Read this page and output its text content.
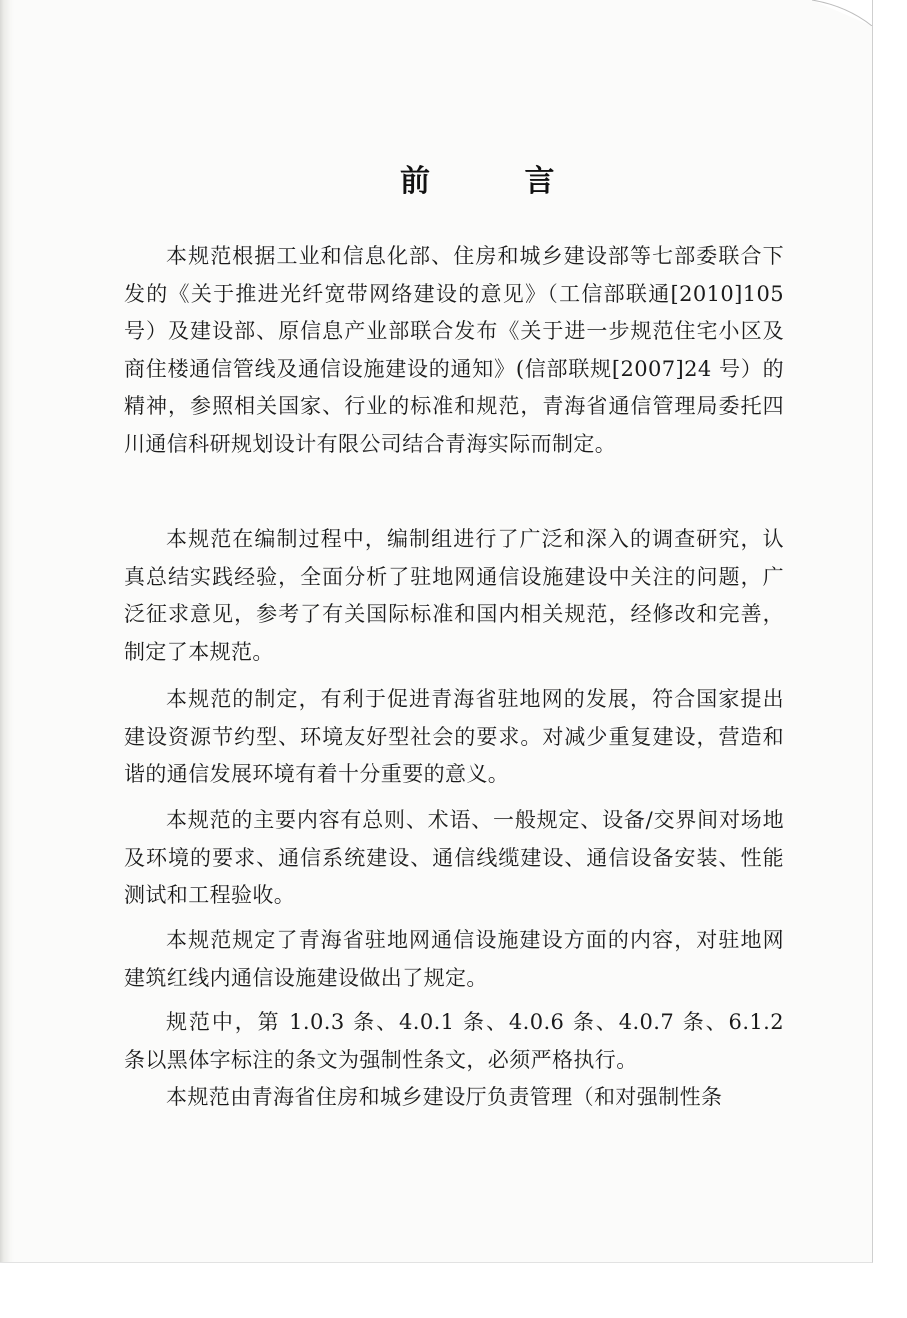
前 言

本规范根据工业和信息化部、住房和城乡建设部等七部委联合下发的《关于推进光纤宽带网络建设的意见》（工信部联通[2010]105 号）及建设部、原信息产业部联合发布《关于进一步规范住宅小区及商住楼通信管线及通信设施建设的通知》(信部联规[2007]24 号）的精神，参照相关国家、行业的标准和规范，青海省通信管理局委托四川通信科研规划设计有限公司结合青海实际而制定。

本规范在编制过程中，编制组进行了广泛和深入的调查研究，认真总结实践经验，全面分析了驻地网通信设施建设中关注的问题，广泛征求意见，参考了有关国际标准和国内相关规范，经修改和完善，制定了本规范。

本规范的制定，有利于促进青海省驻地网的发展，符合国家提出建设资源节约型、环境友好型社会的要求。对减少重复建设，营造和谐的通信发展环境有着十分重要的意义。

本规范的主要内容有总则、术语、一般规定、设备/交界间对场地及环境的要求、通信系统建设、通信线缆建设、通信设备安装、性能测试和工程验收。

本规范规定了青海省驻地网通信设施建设方面的内容，对驻地网建筑红线内通信设施建设做出了规定。

规范中，第 1.0.3 条、4.0.1 条、4.0.6 条、4.0.7 条、6.1.2 条以黑体字标注的条文为强制性条文，必须严格执行。

本规范由青海省住房和城乡建设厅负责管理（和对强制性条
